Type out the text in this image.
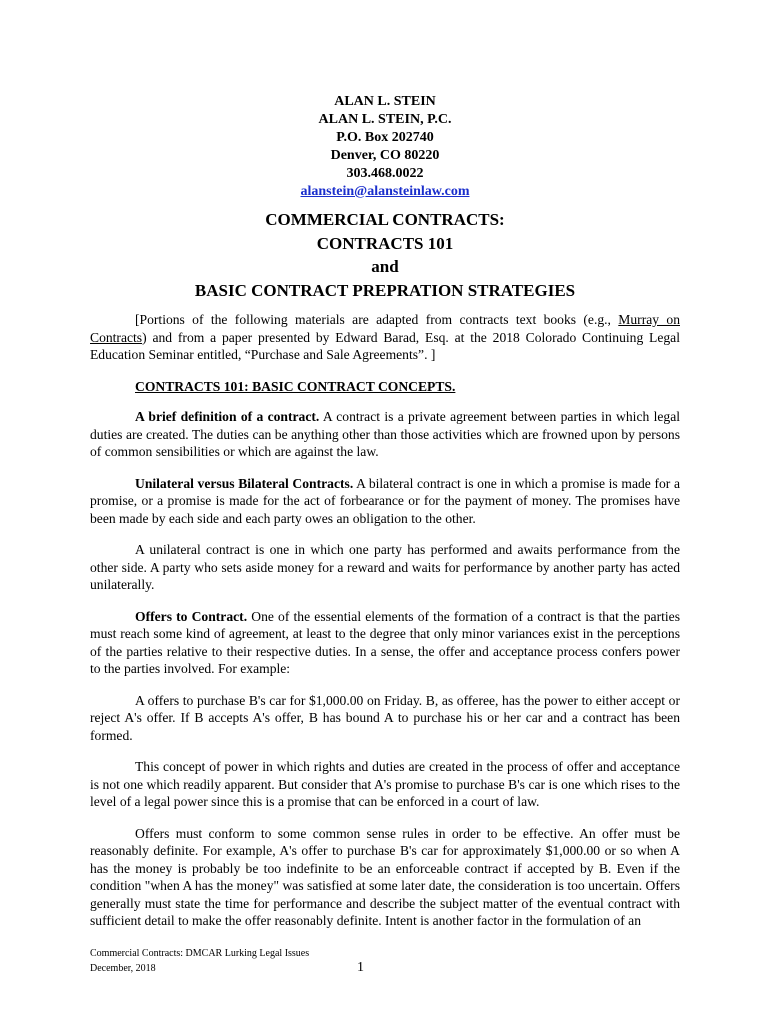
ALAN L. STEIN
ALAN L. STEIN, P.C.
P.O. Box 202740
Denver, CO 80220
303.468.0022
alanstein@alansteinlaw.com
COMMERCIAL CONTRACTS:
CONTRACTS 101
and
BASIC CONTRACT PREPRATION STRATEGIES

[Portions of the following materials are adapted from contracts text books (e.g., Murray on Contracts) and from a paper presented by Edward Barad, Esq. at the 2018 Colorado Continuing Legal Education Seminar entitled, “Purchase and Sale Agreements”. ]

CONTRACTS 101: BASIC CONTRACT CONCEPTS.

A brief definition of a contract. A contract is a private agreement between parties in which legal duties are created. The duties can be anything other than those activities which are frowned upon by persons of common sensibilities or which are against the law.

Unilateral versus Bilateral Contracts. A bilateral contract is one in which a promise is made for a promise, or a promise is made for the act of forbearance or for the payment of money. The promises have been made by each side and each party owes an obligation to the other.

A unilateral contract is one in which one party has performed and awaits performance from the other side. A party who sets aside money for a reward and waits for performance by another party has acted unilaterally.

Offers to Contract. One of the essential elements of the formation of a contract is that the parties must reach some kind of agreement, at least to the degree that only minor variances exist in the perceptions of the parties relative to their respective duties. In a sense, the offer and acceptance process confers power to the parties involved. For example:

A offers to purchase B's car for $1,000.00 on Friday. B, as offeree, has the power to either accept or reject A's offer. If B accepts A's offer, B has bound A to purchase his or her car and a contract has been formed.

This concept of power in which rights and duties are created in the process of offer and acceptance is not one which readily apparent. But consider that A's promise to purchase B's car is one which rises to the level of a legal power since this is a promise that can be enforced in a court of law.

Offers must conform to some common sense rules in order to be effective. An offer must be reasonably definite. For example, A's offer to purchase B's car for approximately $1,000.00 or so when A has the money is probably be too indefinite to be an enforceable contract if accepted by B. Even if the condition "when A has the money" was satisfied at some later date, the consideration is too uncertain. Offers generally must state the time for performance and describe the subject matter of the eventual contract with sufficient detail to make the offer reasonably definite. Intent is another factor in the formulation of an

Commercial Contracts: DMCAR Lurking Legal Issues
December, 2018	1
